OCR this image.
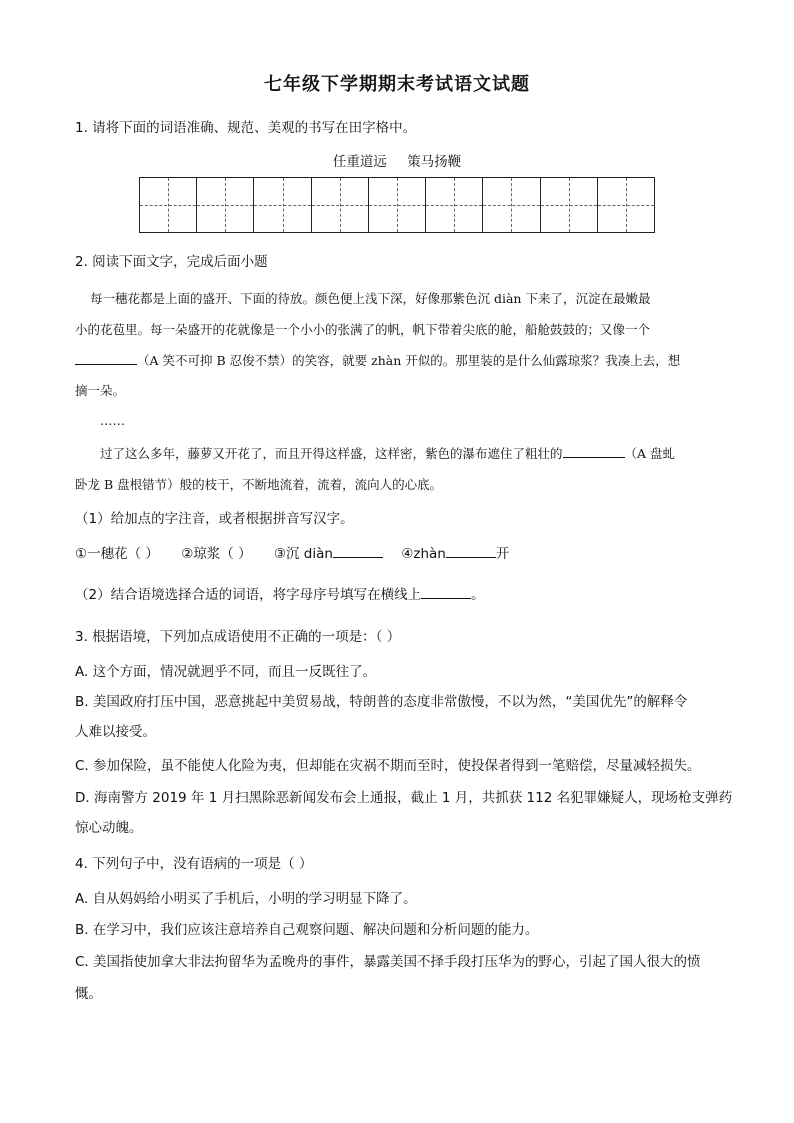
七年级下学期期末考试语文试题
1. 请将下面的词语准确、规范、美观的书写在田字格中。
任重道远 策马扬鞭
2. 阅读下面文字，完成后面小题
每一穗花都是上面的盛开、下面的待放。颜色便上浅下深，好像那紫色沉 diàn 下来了，沉淀在最嫩最
小的花苞里。每一朵盛开的花就像是一个小小的张满了的帆，帆下带着尖底的舱，船舱鼓鼓的；又像一个
（A 笑不可抑 B 忍俊不禁）的笑容，就要 zhàn 开似的。那里装的是什么仙露琼浆？我凑上去，想
摘一朵。
……
过了这么多年，藤萝又开花了，而且开得这样盛，这样密，紫色的瀑布遮住了粗壮的	（A 盘虬
卧龙 B 盘根错节）般的枝干，不断地流着，流着，流向人的心底。
（1）给加点的字注音，或者根据拼音写汉字。
①一穗花（ ） ②琼浆（ ） ③沉 diàn	④zhàn	开
（2）结合语境选择合适的词语，将字母序号填写在横线上	。
3. 根据语境，下列加点成语使用不正确的一项是：（ ）
A. 这个方面，情况就迥乎不同，而且一反既往了。
B. 美国政府打压中国，恶意挑起中美贸易战，特朗普的态度非常傲慢，不以为然，“美国优先”的解释令
人难以接受。
C. 参加保险，虽不能使人化险为夷，但却能在灾祸不期而至时，使投保者得到一笔赔偿，尽量减轻损失。
D. 海南警方 2019 年 1 月扫黑除恶新闻发布会上通报，截止 1 月，共抓获 112 名犯罪嫌疑人，现场枪支弹药
惊心动魄。
4. 下列句子中，没有语病的一项是（ ）
A. 自从妈妈给小明买了手机后，小明的学习明显下降了。
B. 在学习中，我们应该注意培养自己观察问题、解决问题和分析问题的能力。
C. 美国指使加拿大非法拘留华为孟晚舟的事件，暴露美国不择手段打压华为的野心，引起了国人很大的愤
慨。
